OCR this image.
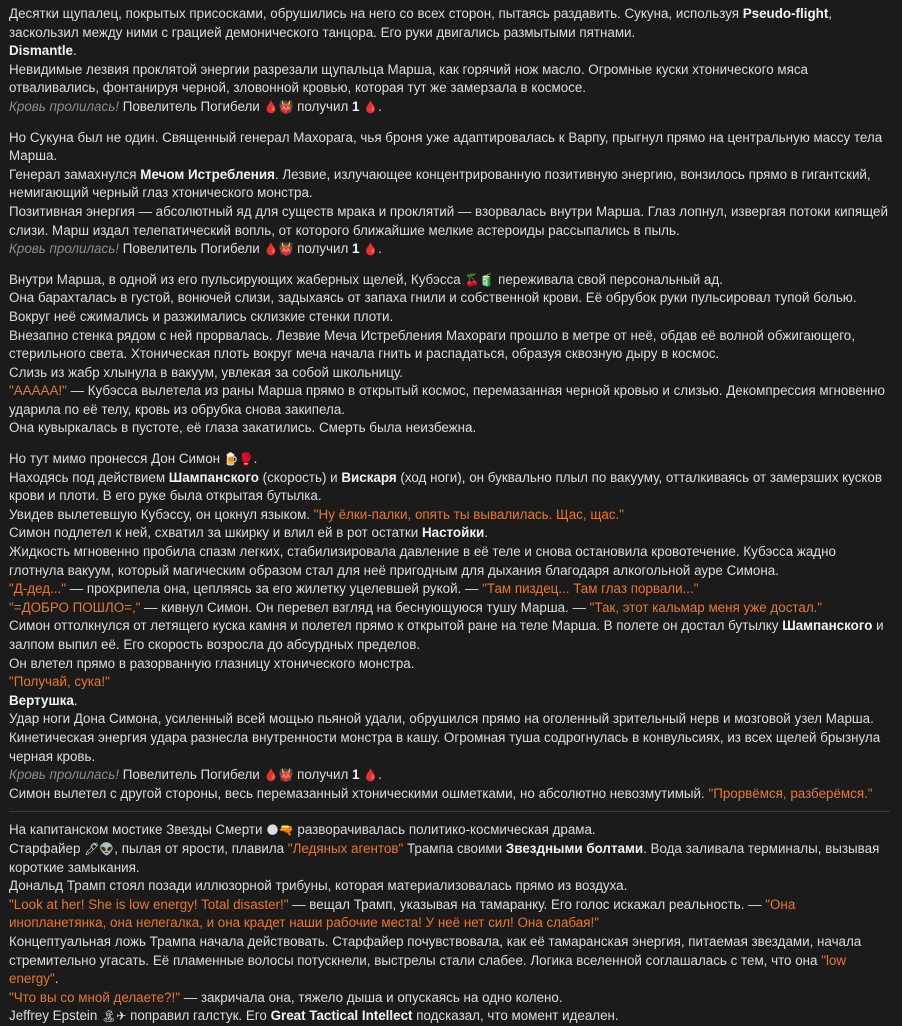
Десятки щупалец, покрытых присосками, обрушились на него со всех сторон, пытаясь раздавить. Сукуна, используя Pseudo-flight, заскользил между ними с грацией демонического танцора. Его руки двигались размытыми пятнами.
Dismantle.
Невидимые лезвия проклятой энергии разрезали щупальца Марша, как горячий нож масло. Огромные куски хтонического мяса отваливались, фонтанируя черной, зловонной кровью, которая тут же замерзала в космосе.
Кровь пролилась! Повелитель Погибели 🩸👹 получил 1 🩸.
Но Сукуна был не один. Священный генерал Махорага, чья броня уже адаптировалась к Варпу, прыгнул прямо на центральную массу тела Марша.
Генерал замахнулся Мечом Истребления. Лезвие, излучающее концентрированную позитивную энергию, вонзилось прямо в гигантский, немигающий черный глаз хтонического монстра.
Позитивная энергия — абсолютный яд для существ мрака и проклятий — взорвалась внутри Марша. Глаз лопнул, извергая потоки кипящей слизи. Марш издал телепатический вопль, от которого ближайшие мелкие астероиды рассыпались в пыль.
Кровь пролилась! Повелитель Погибели 🩸👹 получил 1 🩸.
Внутри Марша, в одной из его пульсирующих жаберных щелей, Кубэсса 🍒🧃 переживала свой персональный ад.
Она барахталась в густой, вонючей слизи, задыхаясь от запаха гнили и собственной крови. Её обрубок руки пульсировал тупой болью.
Вокруг неё сжимались и разжимались склизкие стенки плоти.
Внезапно стенка рядом с ней прорвалась. Лезвие Меча Истребления Махораги прошло в метре от неё, обдав её волной обжигающего, стерильного света. Хтоническая плоть вокруг меча начала гнить и распадаться, образуя сквозную дыру в космос.
Слизь из жабр хлынула в вакуум, увлекая за собой школьницу.
"ААААА!" — Кубэсса вылетела из раны Марша прямо в открытый космос, перемазанная черной кровью и слизью. Декомпрессия мгновенно ударила по её телу, кровь из обрубка снова закипела.
Она кувыркалась в пустоте, её глаза закатились. Смерть была неизбежна.
Но тут мимо пронесся Дон Симон 🍺🥊.
Находясь под действием Шампанского (скорость) и Вискаря (ход ноги), он буквально плыл по вакууму, отталкиваясь от замерзших кусков крови и плоти. В его руке была открытая бутылка.
Увидев вылетевшую Кубэссу, он цокнул языком. "Ну ёлки-палки, опять ты вывалилась. Щас, щас."
Симон подлетел к ней, схватил за шкирку и влил ей в рот остатки Настойки.
Жидкость мгновенно пробила спазм легких, стабилизировала давление в её теле и снова остановила кровотечение. Кубэсса жадно глотнула вакуум, который магическим образом стал для неё пригодным для дыхания благодаря алкогольной ауре Симона.
"Д-дед..." — прохрипела она, цепляясь за его жилетку уцелевшей рукой. — "Там пиздец... Там глаз порвали..."
"=ДОБРО ПОШЛО=," — кивнул Симон. Он перевел взгляд на беснующуюся тушу Марша. — "Так, этот кальмар меня уже достал."
Симон оттолкнулся от летящего куска камня и полетел прямо к открытой ране на теле Марша. В полете он достал бутылку Шампанского и залпом выпил её. Его скорость возросла до абсурдных пределов.
Он влетел прямо в разорванную глазницу хтонического монстра.
"Получай, сука!"
Вертушка.
Удар ноги Дона Симона, усиленный всей мощью пьяной удали, обрушился прямо на оголенный зрительный нерв и мозговой узел Марша.
Кинетическая энергия удара разнесла внутренности монстра в кашу. Огромная туша содрогнулась в конвульсиях, из всех щелей брызнула черная кровь.
Кровь пролилась! Повелитель Погибели 🩸👹 получил 1 🩸.
Симон вылетел с другой стороны, весь перемазанный хтоническими ошметками, но абсолютно невозмутимый. "Прорвёмся, разберёмся."
На капитанском мостике Звезды Смерти 🌑🔫 разворачивалась политико-космическая драма.
Старфайер 🖊👽, пылая от ярости, плавила "Ледяных агентов" Трампа своими Звездными болтами. Вода заливала терминалы, вызывая короткие замыкания.
Дональд Трамп стоял позади иллюзорной трибуны, которая материализовалась прямо из воздуха.
"Look at her! She is low energy! Total disaster!" — вещал Трамп, указывая на тамаранку. Его голос искажал реальность. — "Она инопланетянка, она нелегалка, и она крадет наши рабочие места! У неё нет сил! Она слабая!"
Концептуальная ложь Трампа начала действовать. Старфайер почувствовала, как её тамаранская энергия, питаемая звездами, начала стремительно угасать. Её пламенные волосы потускнели, выстрелы стали слабее. Логика вселенной соглашалась с тем, что она "low energy".
"Что вы со мной делаете?!" — закричала она, тяжело дыша и опускаясь на одно колено.
Jeffrey Epstein 🏝✈ поправил галстук. Его Great Tactical Intellect подсказал, что момент идеален.
